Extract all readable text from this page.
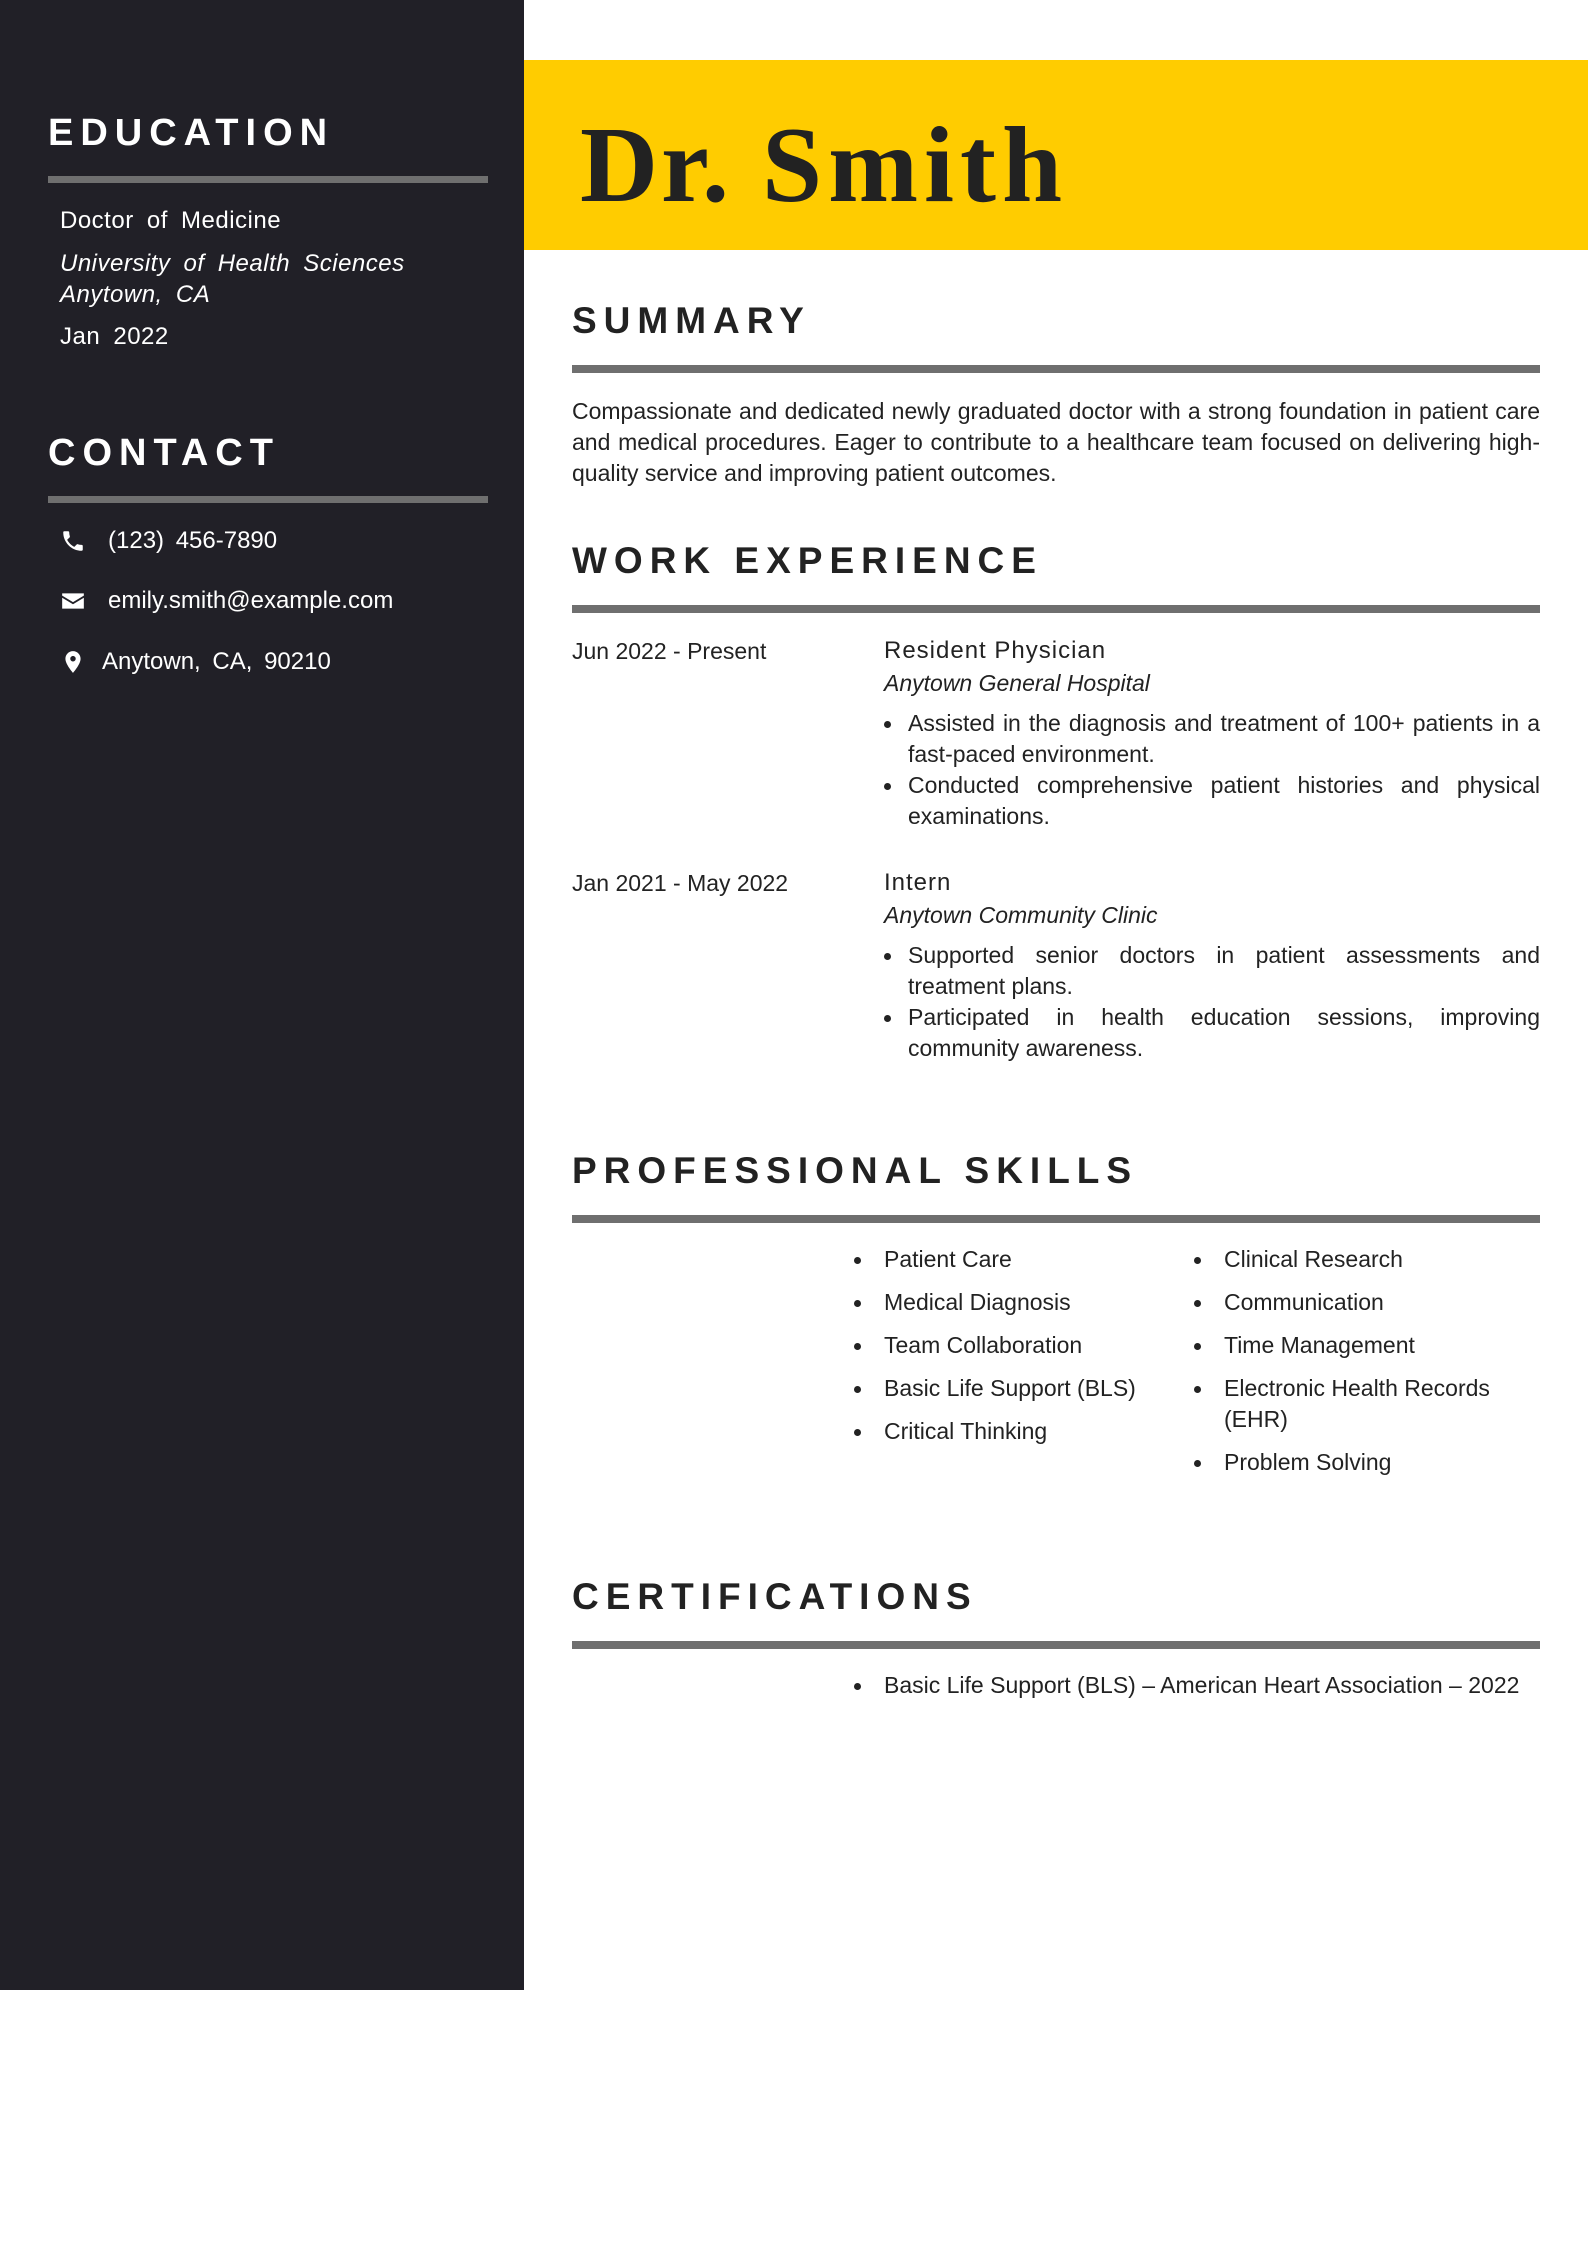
EDUCATION
Doctor of Medicine
University of Health Sciences
Anytown, CA
Jan 2022
CONTACT
(123) 456-7890
emily.smith@example.com
Anytown, CA, 90210
Dr. Smith
SUMMARY

Compassionate and dedicated newly graduated doctor with a strong foundation in patient care and medical procedures. Eager to contribute to a healthcare team focused on delivering high-quality service and improving patient outcomes.

WORK EXPERIENCE
Jun 2022 - Present	Resident Physician
Anytown General Hospital
Assisted in the diagnosis and treatment of 100+ patients in a fast-paced environment.
Conducted comprehensive patient histories and physical examinations.
Jan 2021 - May 2022	Intern
Anytown Community Clinic
Supported senior doctors in patient assessments and treatment plans.
Participated in health education sessions, improving community awareness.
PROFESSIONAL SKILLS
Patient Care
Medical Diagnosis
Team Collaboration
Basic Life Support (BLS)
Critical Thinking
Clinical Research
Communication
Time Management
Electronic Health Records (EHR)
Problem Solving
CERTIFICATIONS
Basic Life Support (BLS) – American Heart Association – 2022
